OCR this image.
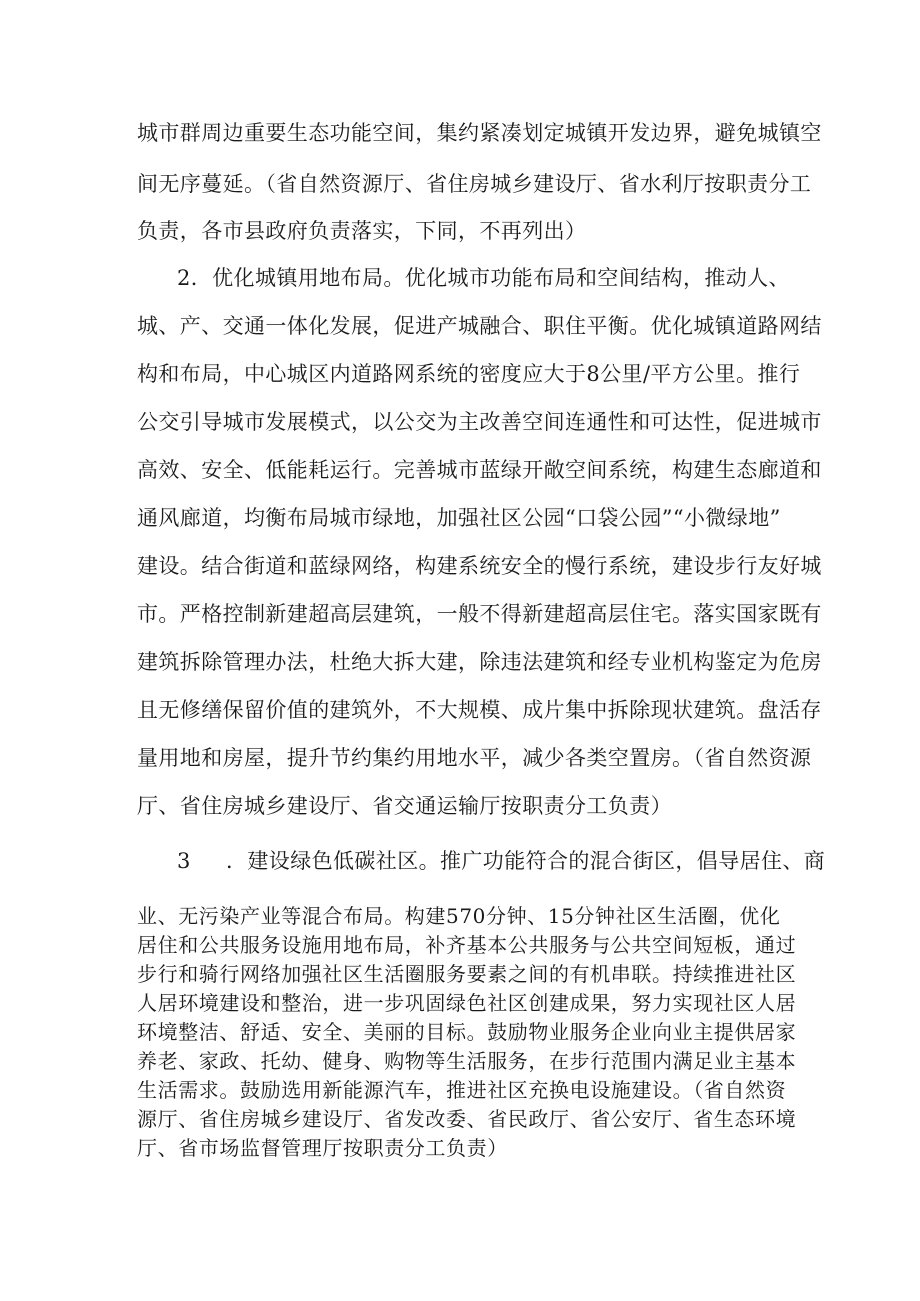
城市群周边重要生态功能空间，集约紧凑划定城镇开发边界，避免城镇空
间无序蔓延。（省自然资源厅、省住房城乡建设厅、省水利厅按职责分工
负责，各市县政府负责落实，下同，不再列出）
2．优化城镇用地布局。优化城市功能布局和空间结构，推动人、
城、产、交通一体化发展，促进产城融合、职住平衡。优化城镇道路网结
构和布局，中心城区内道路网系统的密度应大于8公里/平方公里。推行
公交引导城市发展模式，以公交为主改善空间连通性和可达性，促进城市
高效、安全、低能耗运行。完善城市蓝绿开敞空间系统，构建生态廊道和
通风廊道，均衡布局城市绿地，加强社区公园“口袋公园”“小微绿地”
建设。结合街道和蓝绿网络，构建系统安全的慢行系统，建设步行友好城
市。严格控制新建超高层建筑，一般不得新建超高层住宅。落实国家既有
建筑拆除管理办法，杜绝大拆大建，除违法建筑和经专业机构鉴定为危房
且无修缮保留价值的建筑外，不大规模、成片集中拆除现状建筑。盘活存
量用地和房屋，提升节约集约用地水平，减少各类空置房。（省自然资源
厅、省住房城乡建设厅、省交通运输厅按职责分工负责）
3 ．建设绿色低碳社区。推广功能符合的混合街区，倡导居住、商
业、无污染产业等混合布局。构建570分钟、15分钟社区生活圈，优化
居住和公共服务设施用地布局，补齐基本公共服务与公共空间短板，通过
步行和骑行网络加强社区生活圈服务要素之间的有机串联。持续推进社区
人居环境建设和整治，进一步巩固绿色社区创建成果，努力实现社区人居
环境整洁、舒适、安全、美丽的目标。鼓励物业服务企业向业主提供居家
养老、家政、托幼、健身、购物等生活服务，在步行范围内满足业主基本
生活需求。鼓励选用新能源汽车，推进社区充换电设施建设。（省自然资
源厅、省住房城乡建设厅、省发改委、省民政厅、省公安厅、省生态环境
厅、省市场监督管理厅按职责分工负责）
